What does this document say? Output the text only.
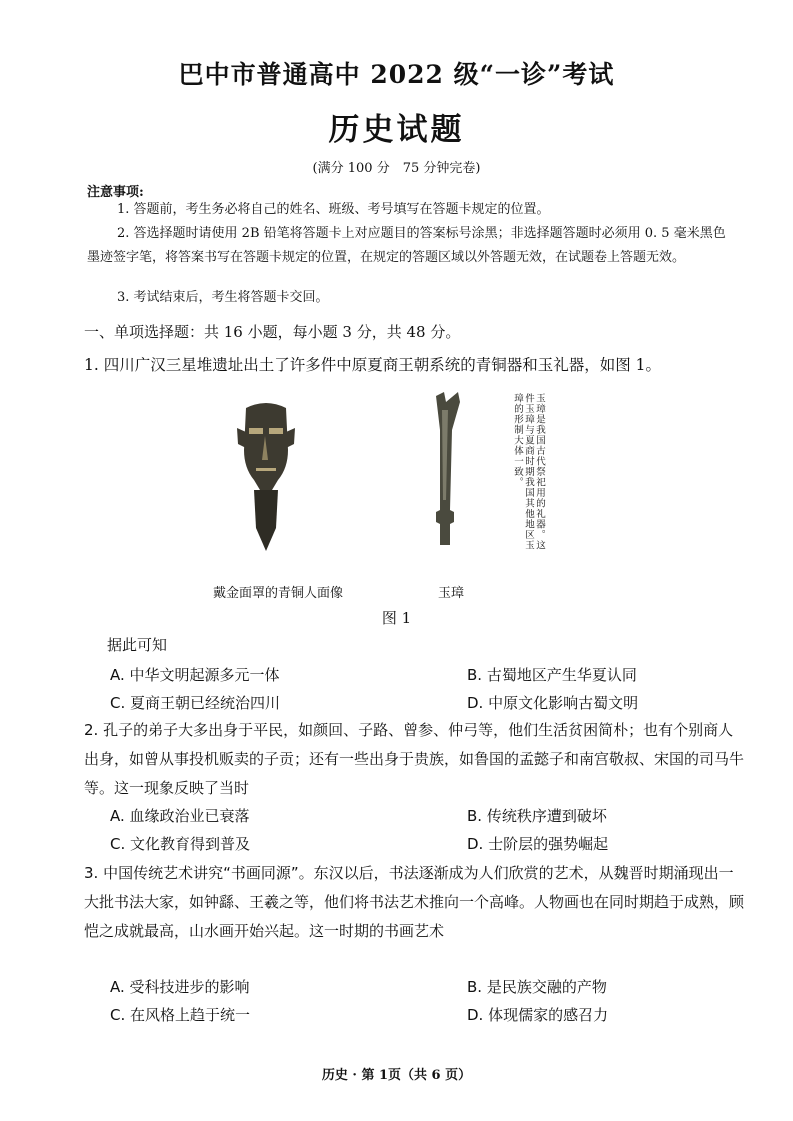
巴中市普通高中 2022 级“一诊”考试
历史试题
(满分 100 分　75 分钟完卷)
注意事项:
1. 答题前，考生务必将自己的姓名、班级、考号填写在答题卡规定的位置。
2. 答选择题时请使用 2B 铅笔将答题卡上对应题目的答案标号涂黑；非选择题答题时必须用 0. 5 毫米黑色墨迹签字笔，将答案书写在答题卡规定的位置，在规定的答题区域以外答题无效，在试题卷上答题无效。
3. 考试结束后，考生将答题卡交回。
一、单项选择题：共 16 小题，每小题 3 分，共 48 分。
1. 四川广汉三星堆遗址出土了许多件中原夏商王朝系统的青铜器和玉礼器，如图 1。
玉璋是我国古代祭祀用的礼器。这件玉璋与夏商时期我国其他地区玉璋的形制大体一致。
戴金面罩的青铜人面像	玉璋
图 1
据此可知
A. 中华文明起源多元一体	B. 古蜀地区产生华夏认同
C. 夏商王朝已经统治四川	D. 中原文化影响古蜀文明
2. 孔子的弟子大多出身于平民，如颜回、子路、曾参、仲弓等，他们生活贫困简朴；也有个别商人出身，如曾从事投机贩卖的子贡；还有一些出身于贵族，如鲁国的孟懿子和南宫敬叔、宋国的司马牛等。这一现象反映了当时
A. 血缘政治业已衰落	B. 传统秩序遭到破坏
C. 文化教育得到普及	D. 士阶层的强势崛起
3. 中国传统艺术讲究“书画同源”。东汉以后，书法逐渐成为人们欣赏的艺术，从魏晋时期涌现出一大批书法大家，如钟繇、王羲之等，他们将书法艺术推向一个高峰。人物画也在同时期趋于成熟，顾恺之成就最高，山水画开始兴起。这一时期的书画艺术
A. 受科技进步的影响	B. 是民族交融的产物
C. 在风格上趋于统一	D. 体现儒家的感召力
历史 · 第 1页（共 6 页）
